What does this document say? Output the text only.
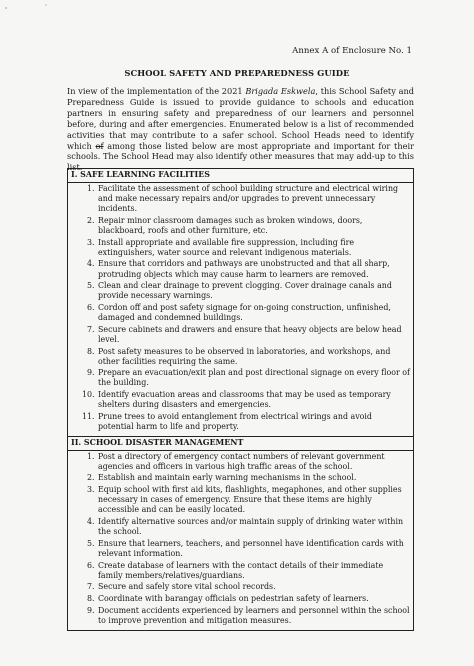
Annex A of Enclosure No. 1
SCHOOL SAFETY AND PREPAREDNESS GUIDE

In view of the implementation of the 2021 Brigada Eskwela, this School Safety and Preparedness Guide is issued to provide guidance to schools and education partners in ensuring safety and preparedness of our learners and personnel before, during and after emergencies. Enumerated below is a list of recommended activities that may contribute to a safer school. School Heads need to identify which of among those listed below are most appropriate and important for their schools. The School Head may also identify other measures that may add-up to this list.

I. SAFE LEARNING FACILITIES

1. Facilitate the assessment of school building structure and electrical wiring and make necessary repairs and/or upgrades to prevent unnecessary incidents.
2. Repair minor classroom damages such as broken windows, doors, blackboard, roofs and other furniture, etc.
3. Install appropriate and available fire suppression, including fire extinguishers, water source and relevant indigenous materials.
4. Ensure that corridors and pathways are unobstructed and that all sharp, protruding objects which may cause harm to learners are removed.
5. Clean and clear drainage to prevent clogging. Cover drainage canals and provide necessary warnings.
6. Cordon off and post safety signage for on-going construction, unfinished, damaged and condemned buildings.
7. Secure cabinets and drawers and ensure that heavy objects are below head level.
8. Post safety measures to be observed in laboratories, and workshops, and other facilities requiring the same.
9. Prepare an evacuation/exit plan and post directional signage on every floor of the building.
10. Identify evacuation areas and classrooms that may be used as temporary shelters during disasters and emergencies.
11. Prune trees to avoid entanglement from electrical wirings and avoid potential harm to life and property.

II. SCHOOL DISASTER MANAGEMENT

1. Post a directory of emergency contact numbers of relevant government agencies and officers in various high traffic areas of the school.
2. Establish and maintain early warning mechanisms in the school.
3. Equip school with first aid kits, flashlights, megaphones, and other supplies necessary in cases of emergency. Ensure that these items are highly accessible and can be easily located.
4. Identify alternative sources and/or maintain supply of drinking water within the school.
5. Ensure that learners, teachers, and personnel have identification cards with relevant information.
6. Create database of learners with the contact details of their immediate family members/relatives/guardians.
7. Secure and safely store vital school records.
8. Coordinate with barangay officials on pedestrian safety of learners.
9. Document accidents experienced by learners and personnel within the school to improve prevention and mitigation measures.
